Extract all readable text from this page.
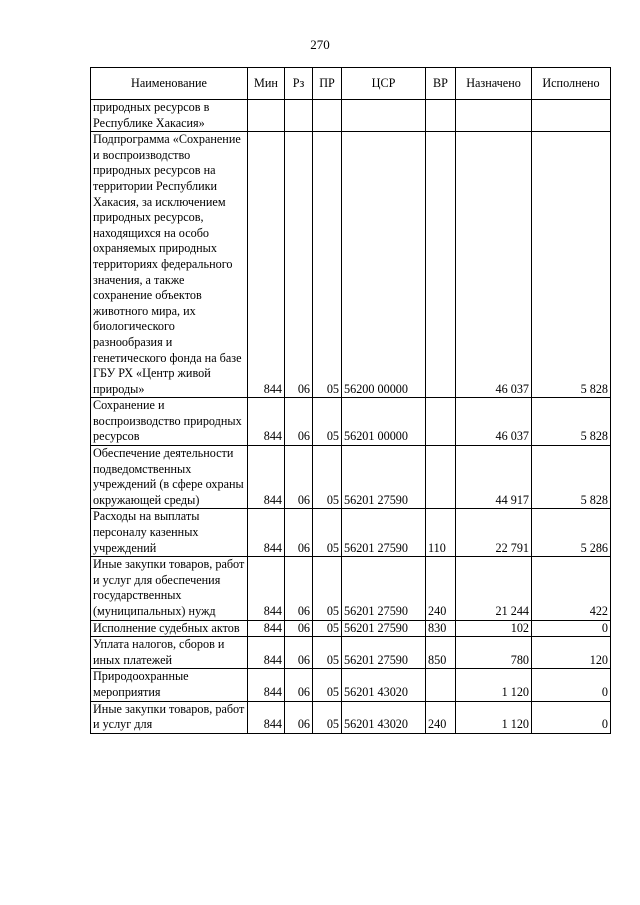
270
Наименование	Мин	Рз	ПР	ЦСР	ВР	Назначено	Исполнено
природных ресурсов в Республике Хакасия»							
Подпрограмма «Сохранение и воспроизводство природных ресурсов на территории Республики Хакасия, за исключением природных ресурсов, находящихся на особо охраняемых природных территориях федерального значения, а также сохранение объектов животного мира, их биологического разнообразия и генетического фонда на базе ГБУ РХ «Центр живой природы»	844	06	05	56200 00000		46 037	5 828
Сохранение и воспроизводство природных ресурсов	844	06	05	56201 00000		46 037	5 828
Обеспечение деятельности подведомственных учреждений (в сфере охраны окружающей среды)	844	06	05	56201 27590		44 917	5 828
Расходы на выплаты персоналу казенных учреждений	844	06	05	56201 27590	110	22 791	5 286
Иные закупки товаров, работ и услуг для обеспечения государственных (муниципальных) нужд	844	06	05	56201 27590	240	21 244	422
Исполнение судебных актов	844	06	05	56201 27590	830	102	0
Уплата налогов, сборов и иных платежей	844	06	05	56201 27590	850	780	120
Природоохранные мероприятия	844	06	05	56201 43020		1 120	0
Иные закупки товаров, работ и услуг для	844	06	05	56201 43020	240	1 120	0
